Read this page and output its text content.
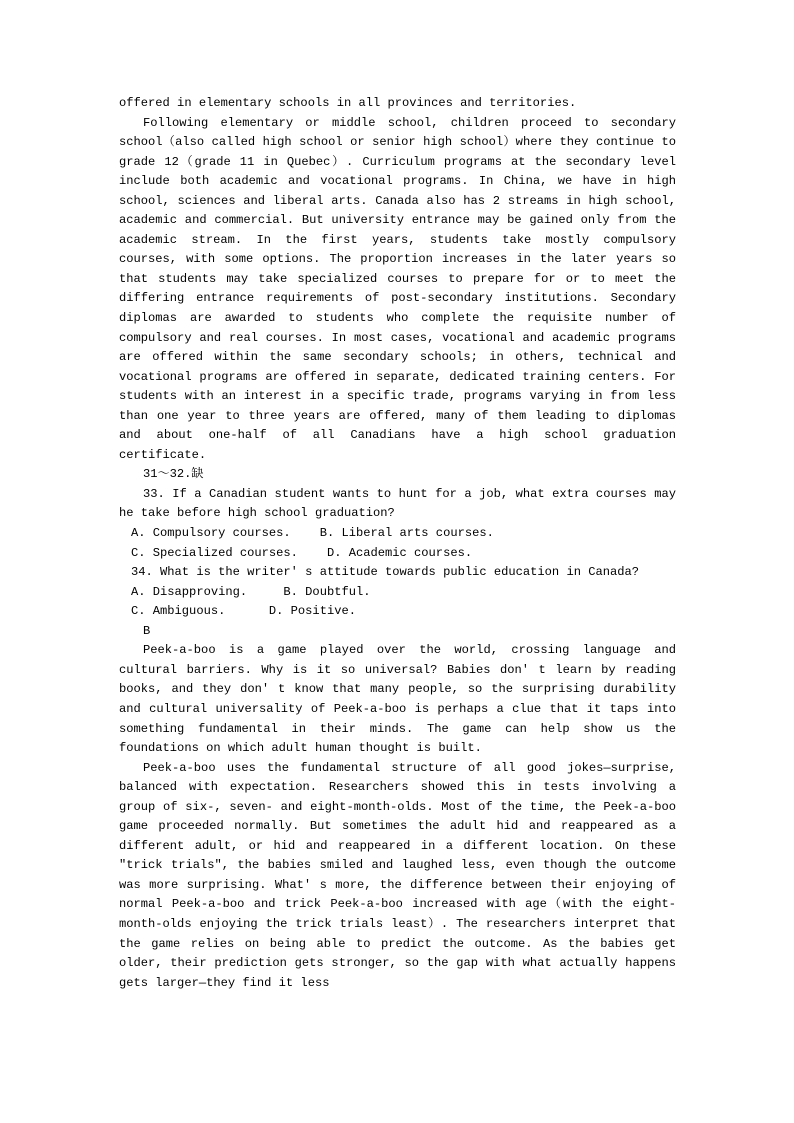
offered in elementary schools in all provinces and territories.

Following elementary or middle school, children proceed to secondary school（also called high school or senior high school）where they continue to grade 12（grade 11 in Quebec）. Curriculum programs at the secondary level include both academic and vocational programs. In China, we have in high school, sciences and liberal arts. Canada also has 2 streams in high school, academic and commercial. But university entrance may be gained only from the academic stream. In the first years, students take mostly compulsory courses, with some options. The proportion increases in the later years so that students may take specialized courses to prepare for or to meet the differing entrance requirements of post-secondary institutions. Secondary diplomas are awarded to students who complete the requisite number of compulsory and real courses. In most cases, vocational and academic programs are offered within the same secondary schools; in others, technical and vocational programs are offered in separate, dedicated training centers. For students with an interest in a specific trade, programs varying in from less than one year to three years are offered, many of them leading to diplomas and about one-half of all Canadians have a high school graduation certificate.

31～32.缺

33. If a Canadian student wants to hunt for a job, what extra courses may he take before high school graduation?

A. Compulsory courses.    B. Liberal arts courses.

C. Specialized courses.    D. Academic courses.

34. What is the writer' s attitude towards public education in Canada?

A. Disapproving.     B. Doubtful.

C. Ambiguous.      D. Positive.

B

Peek-a-boo is a game played over the world, crossing language and cultural barriers. Why is it so universal? Babies don' t learn by reading books, and they don' t know that many people, so the surprising durability and cultural universality of Peek-a-boo is perhaps a clue that it taps into something fundamental in their minds. The game can help show us the foundations on which adult human thought is built.

Peek-a-boo uses the fundamental structure of all good jokes—surprise, balanced with expectation. Researchers showed this in tests involving a group of six-, seven- and eight-month-olds. Most of the time, the Peek-a-boo game proceeded normally. But sometimes the adult hid and reappeared as a different adult, or hid and reappeared in a different location. On these "trick trials", the babies smiled and laughed less, even though the outcome was more surprising. What' s more, the difference between their enjoying of normal Peek-a-boo and trick Peek-a-boo increased with age（with the eight-month-olds enjoying the trick trials least）. The researchers interpret that the game relies on being able to predict the outcome. As the babies get older, their prediction gets stronger, so the gap with what actually happens gets larger—they find it less
